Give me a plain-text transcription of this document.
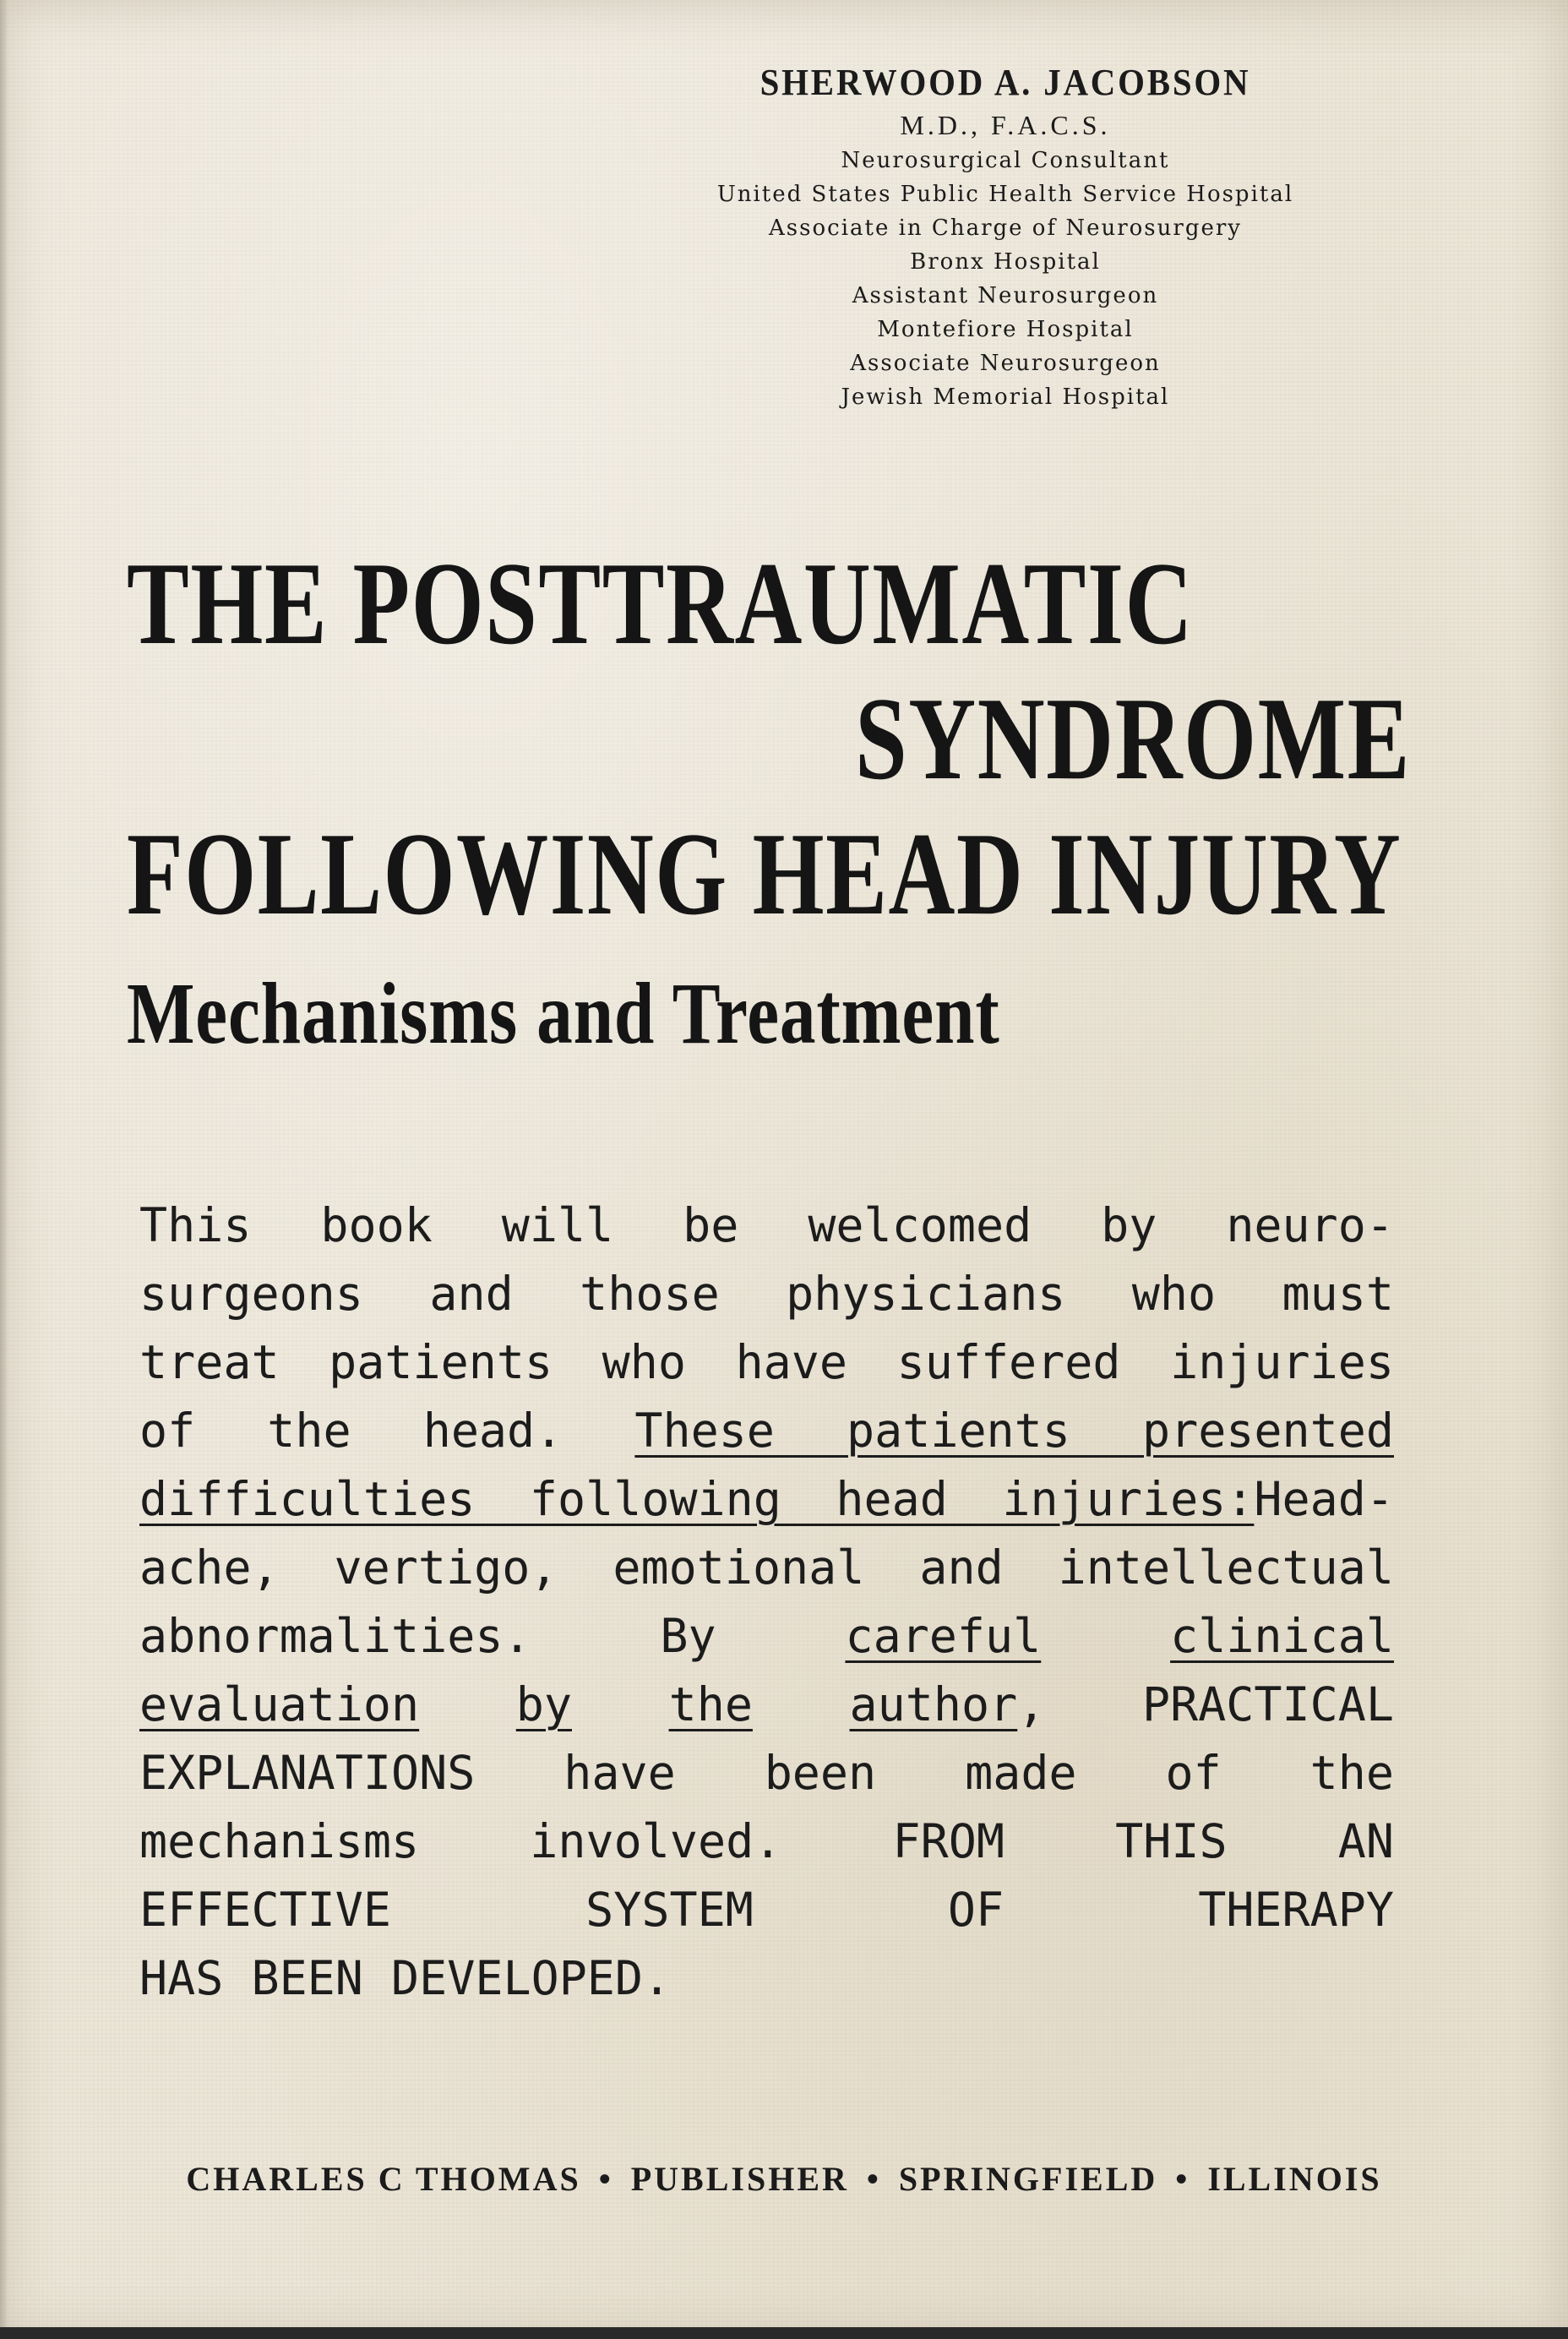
SHERWOOD A. JACOBSON

M.D., F.A.C.S.

Neurosurgical Consultant

United States Public Health Service Hospital

Associate in Charge of Neurosurgery

Bronx Hospital

Assistant Neurosurgeon

Montefiore Hospital

Associate Neurosurgeon

Jewish Memorial Hospital

THE POSTTRAUMATIC
SYNDROME
FOLLOWING HEAD INJURY
Mechanisms and Treatment
This book will be welcomed by neuro-
surgeons and those physicians who must
treat patients who have suffered injuries
of the head. These patients presented
difficulties following head injuries:Head-
ache, vertigo, emotional and intellectual
abnormalities. By	careful	clinical
evaluation by the author, PRACTICAL
EXPLANATIONS have been made of the
mechanisms involved. FROM THIS AN
EFFECTIVE SYSTEM OF THERAPY
HAS BEEN DEVELOPED.

CHARLES C THOMAS • PUBLISHER • SPRINGFIELD • ILLINOIS
